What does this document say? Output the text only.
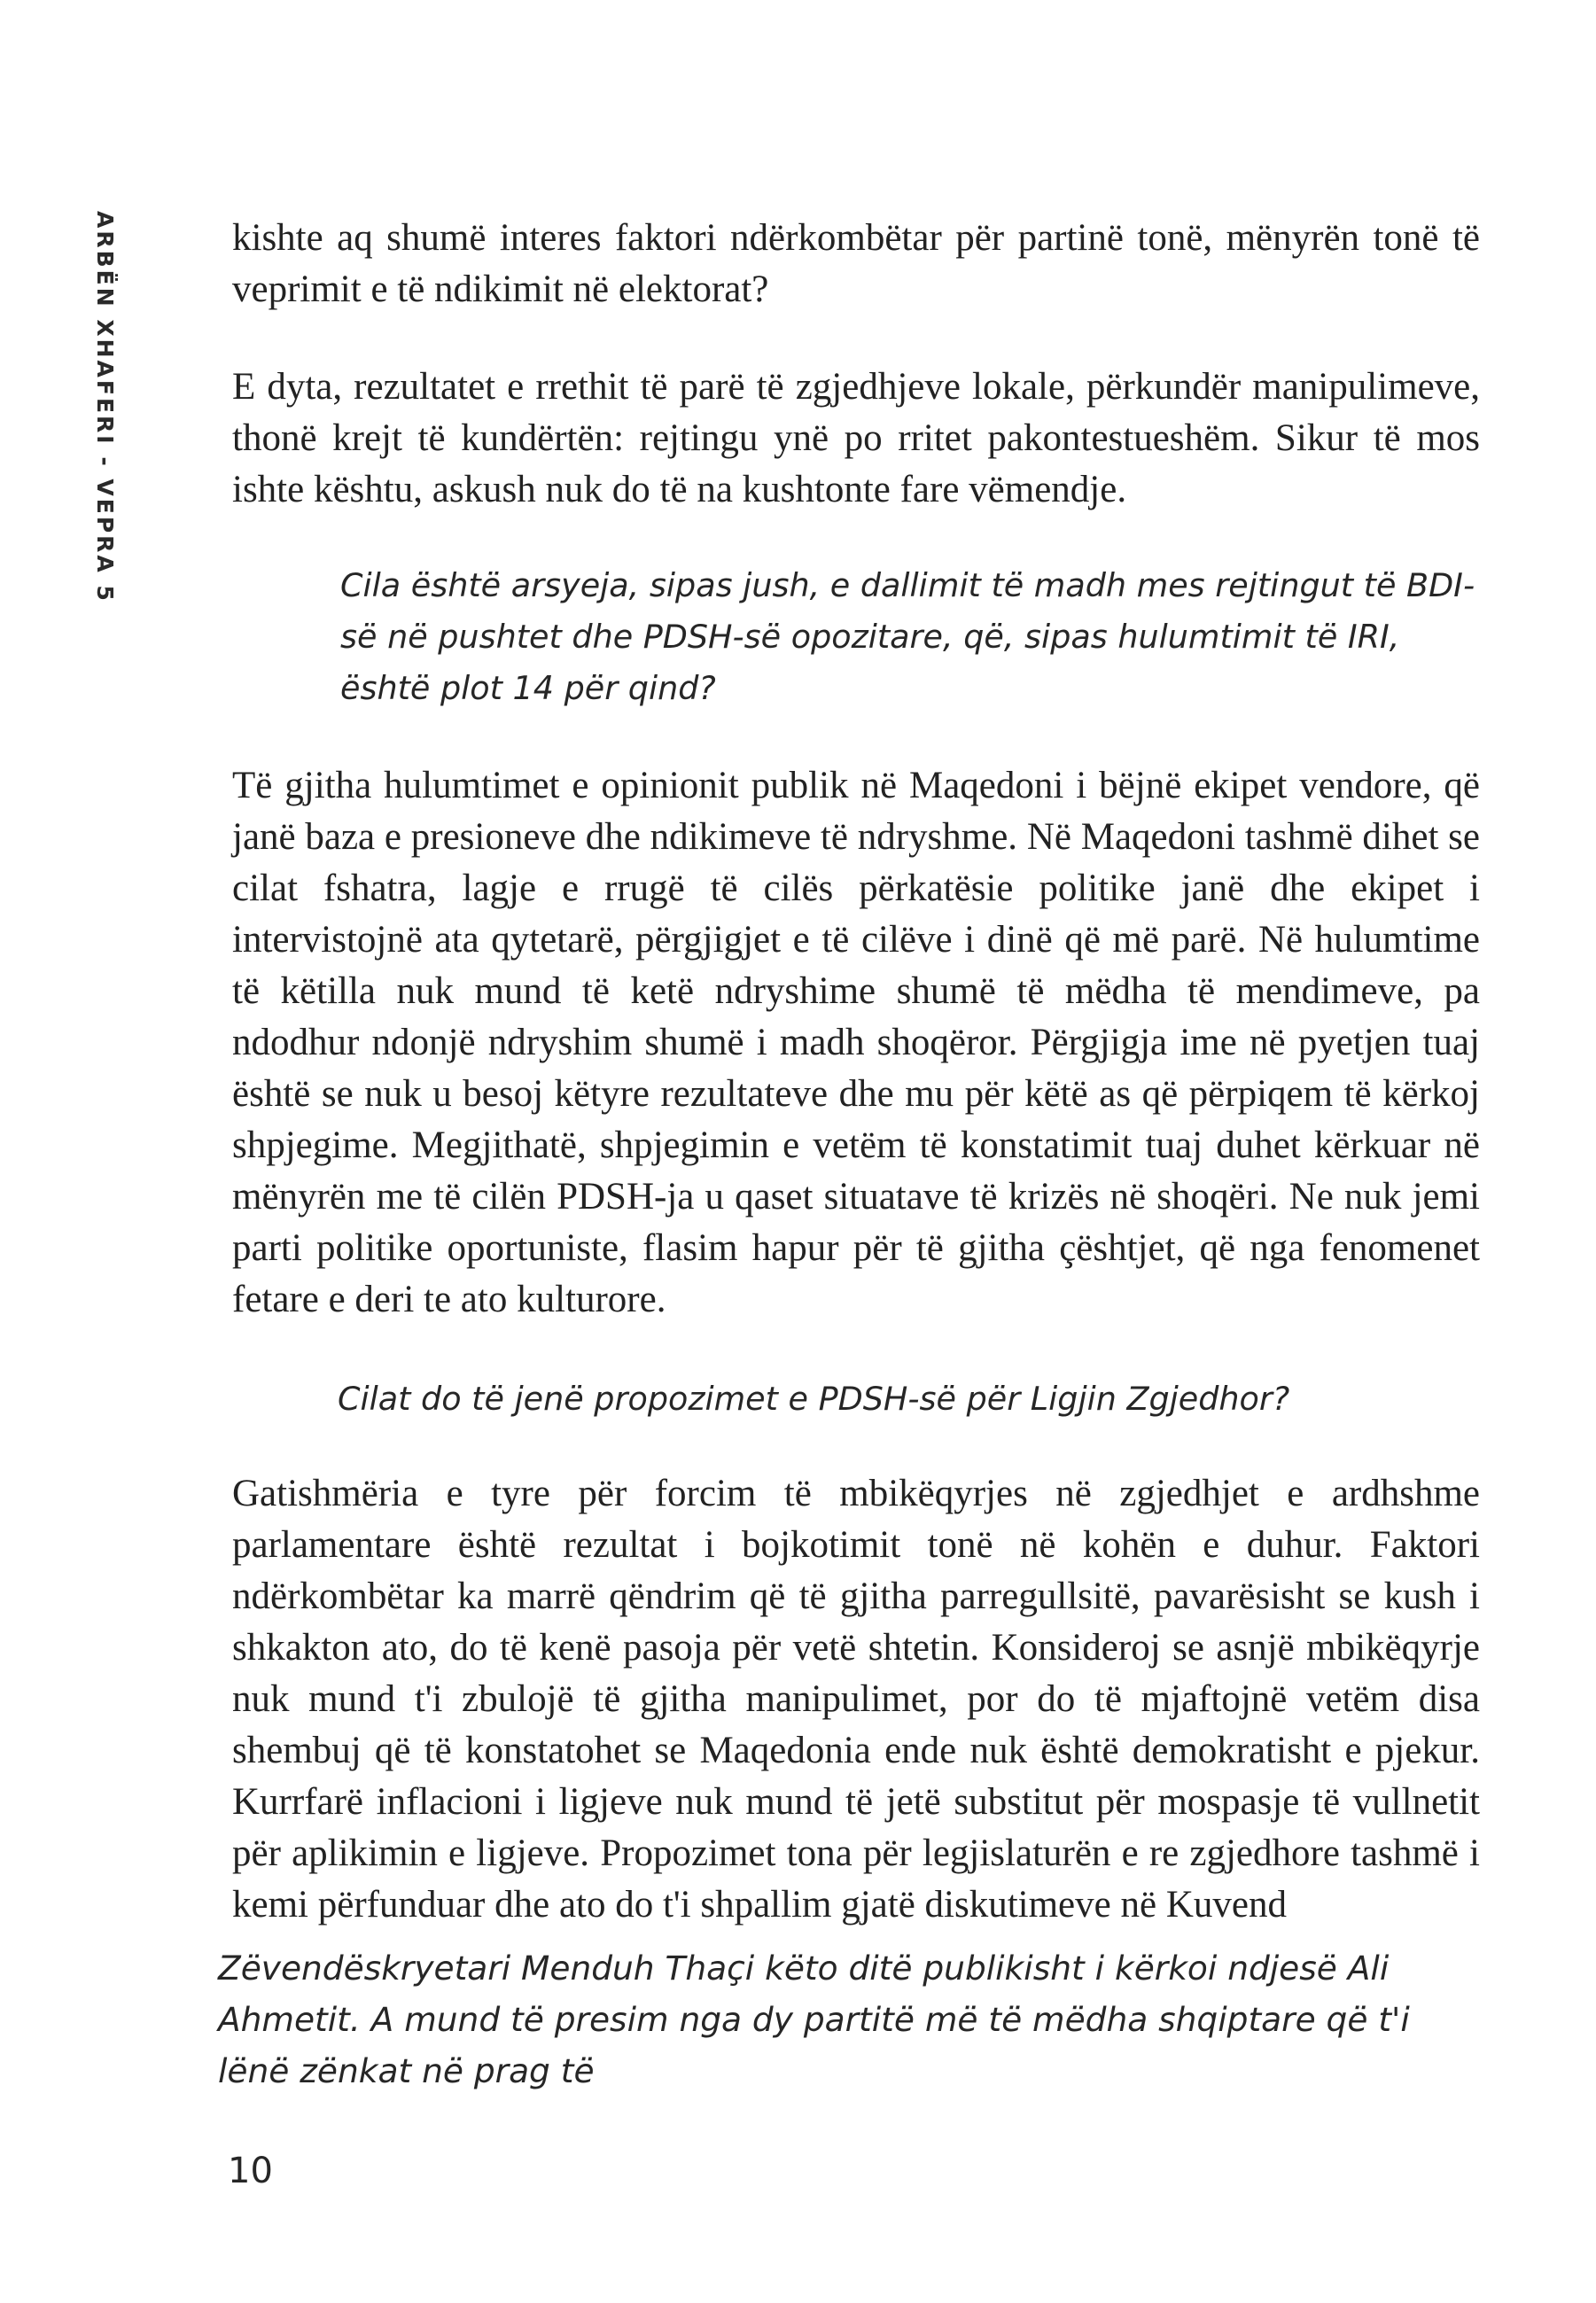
ARBËN XHAFERI - VEPRA 5	kishte aq shumë interes faktori ndërkombëtar për partinë tonë, mënyrën tonë të veprimit e të ndikimit në elektorat?

E dyta, rezultatet e rrethit të parë të zgjedhjeve lokale, përkundër manipulimeve, thonë krejt të kundërtën: rejtingu ynë po rritet pakontestueshëm. Sikur të mos ishte kështu, askush nuk do të na kushtonte fare vëmendje.

Cila është arsyeja, sipas jush, e dallimit të madh mes rejtingut të BDI-së në pushtet dhe PDSH-së opozitare, që, sipas hulumtimit të IRI, është plot 14 për qind?

Të gjitha hulumtimet e opinionit publik në Maqedoni i bëjnë ekipet vendore, që janë baza e presioneve dhe ndikimeve të ndryshme. Në Maqedoni tashmë dihet se cilat fshatra, lagje e rrugë të cilës përkatësie politike janë dhe ekipet i intervistojnë ata qytetarë, përgjigjet e të cilëve i dinë që më parë. Në hulumtime të këtilla nuk mund të ketë ndryshime shumë të mëdha të mendimeve, pa ndodhur ndonjë ndryshim shumë i madh shoqëror. Përgjigja ime në pyetjen tuaj është se nuk u besoj këtyre rezultateve dhe mu për këtë as që përpiqem të kërkoj shpjegime. Megjithatë, shpjegimin e vetëm të konstatimit tuaj duhet kërkuar në mënyrën me të cilën PDSH-ja u qaset situatave të krizës në shoqëri. Ne nuk jemi parti politike oportuniste, flasim hapur për të gjitha çështjet, që nga fenomenet fetare e deri te ato kulturore.

Cilat do të jenë propozimet e PDSH-së për Ligjin Zgjedhor?

Gatishmëria e tyre për forcim të mbikëqyrjes në zgjedhjet e ardhshme parlamentare është rezultat i bojkotimit tonë në kohën e duhur. Faktori ndërkombëtar ka marrë qëndrim që të gjitha parregullsitë, pavarësisht se kush i shkakton ato, do të kenë pasoja për vetë shtetin. Konsideroj se asnjë mbikëqyrje nuk mund t'i zbulojë të gjitha manipulimet, por do të mjaftojnë vetëm disa shembuj që të konstatohet se Maqedonia ende nuk është demokratisht e pjekur. Kurrfarë inflacioni i ligjeve nuk mund të jetë substitut për mospasje të vullnetit për aplikimin e ligjeve. Propozimet tona për legjislaturën e re zgjedhore tashmë i kemi përfunduar dhe ato do t'i shpallim gjatë diskutimeve në Kuvend

Zëvendëskryetari Menduh Thaçi këto ditë publikisht i kërkoi ndjesë Ali Ahmetit. A mund të presim nga dy partitë më të mëdha shqiptare që t'i lënë zënkat në prag të

10
